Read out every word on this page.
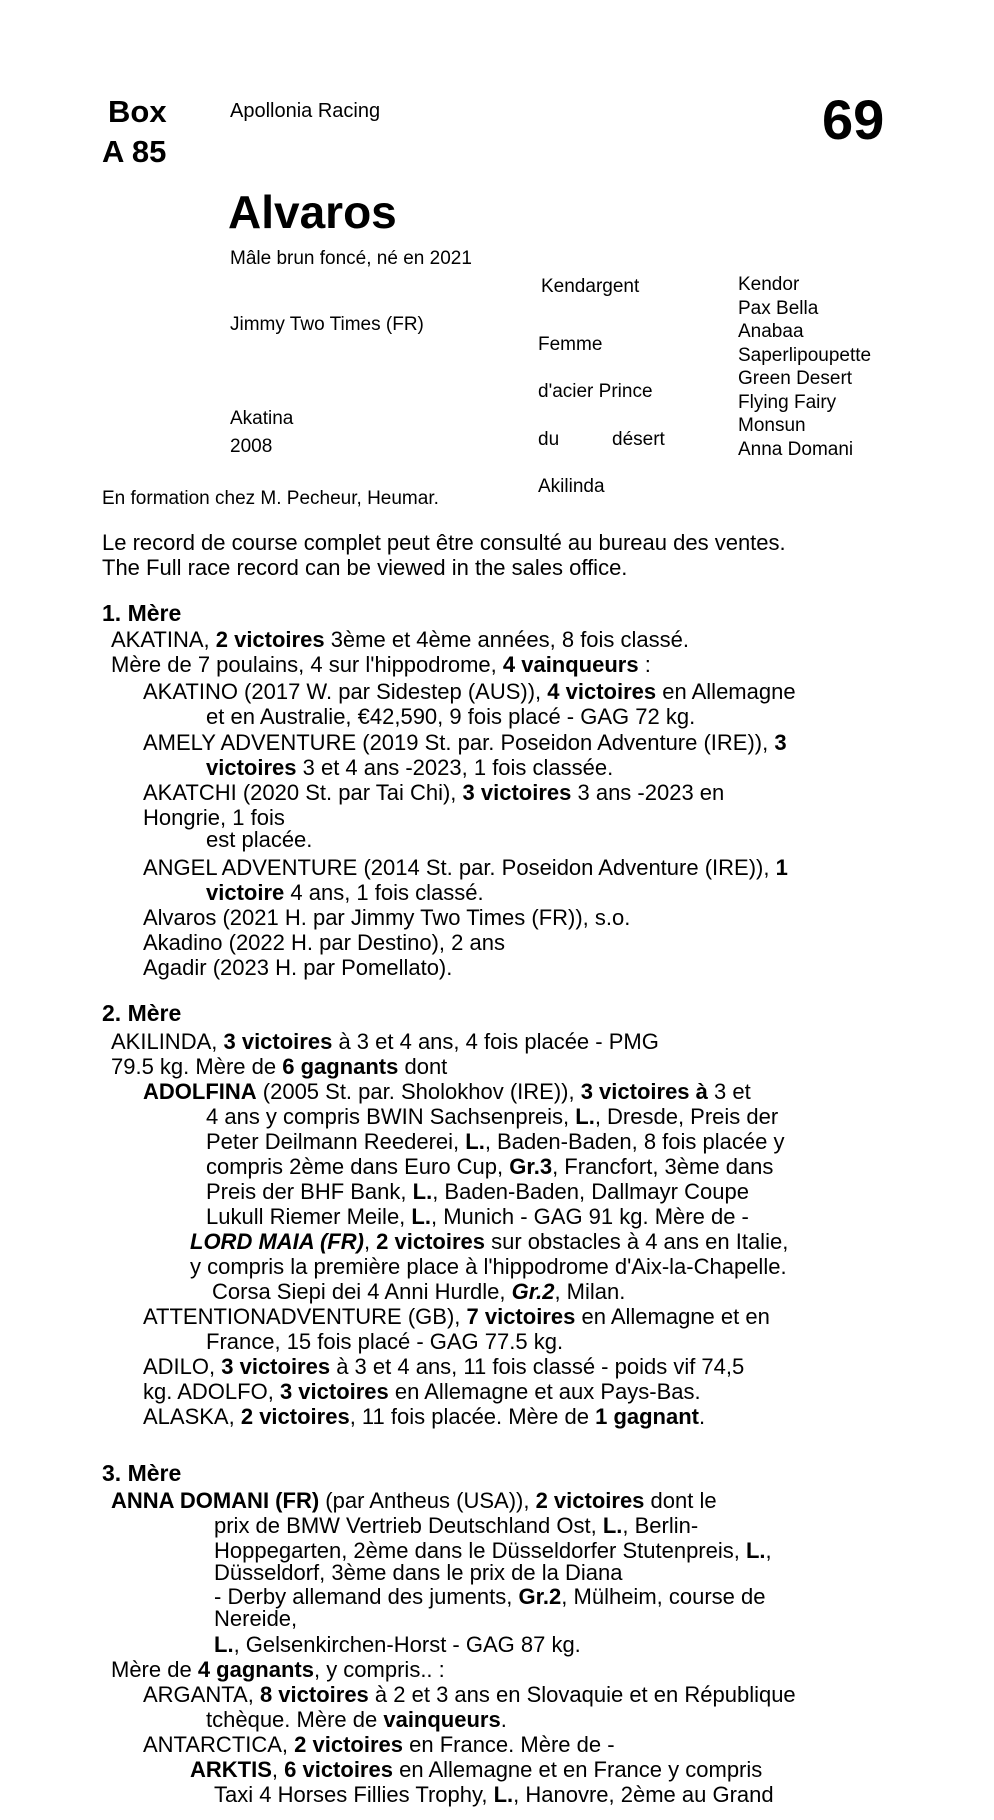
Box
A 85
Apollonia Racing	69
Alvaros
Mâle brun foncé, né en 2021
Jimmy Two Times (FR)
Akatina
2008
En formation chez M. Pecheur, Heumar.
Kendargent
Femme
d'acier Prince
du	désert
Akilinda
Kendor
Pax Bella
Anabaa
Saperlipoupette
Green Desert
Flying Fairy
Monsun
Anna Domani
Le record de course complet peut être consulté au bureau des ventes.
The Full race record can be viewed in the sales office.
1. Mère
AKATINA, 2 victoires 3ème et 4ème années, 8 fois classé.
Mère de 7 poulains, 4 sur l'hippodrome, 4 vainqueurs :
AKATINO (2017 W. par Sidestep (AUS)), 4 victoires en Allemagne
et en Australie, €42,590, 9 fois placé - GAG 72 kg.
AMELY ADVENTURE (2019 St. par. Poseidon Adventure (IRE)), 3
victoires 3 et 4 ans -2023, 1 fois classée.
AKATCHI (2020 St. par Tai Chi), 3 victoires 3 ans -2023 en
Hongrie, 1 fois
est placée.
ANGEL ADVENTURE (2014 St. par. Poseidon Adventure (IRE)), 1
victoire 4 ans, 1 fois classé.
Alvaros (2021 H. par Jimmy Two Times (FR)), s.o.
Akadino (2022 H. par Destino), 2 ans
Agadir (2023 H. par Pomellato).
2. Mère
AKILINDA, 3 victoires à 3 et 4 ans, 4 fois placée - PMG
79.5 kg. Mère de 6 gagnants dont
ADOLFINA (2005 St. par. Sholokhov (IRE)), 3 victoires à 3 et
4 ans y compris BWIN Sachsenpreis, L., Dresde, Preis der
Peter Deilmann Reederei, L., Baden-Baden, 8 fois placée y
compris 2ème dans Euro Cup, Gr.3, Francfort, 3ème dans
Preis der BHF Bank, L., Baden-Baden, Dallmayr Coupe
Lukull Riemer Meile, L., Munich - GAG 91 kg. Mère de -
LORD MAIA (FR), 2 victoires sur obstacles à 4 ans en Italie,
y compris la première place à l'hippodrome d'Aix-la-Chapelle.
Corsa Siepi dei 4 Anni Hurdle, Gr.2, Milan.
ATTENTIONADVENTURE (GB), 7 victoires en Allemagne et en
France, 15 fois placé - GAG 77.5 kg.
ADILO, 3 victoires à 3 et 4 ans, 11 fois classé - poids vif 74,5
kg. ADOLFO, 3 victoires en Allemagne et aux Pays-Bas.
ALASKA, 2 victoires, 11 fois placée. Mère de 1 gagnant.
3. Mère
ANNA DOMANI (FR) (par Antheus (USA)), 2 victoires dont le
prix de BMW Vertrieb Deutschland Ost, L., Berlin-
Hoppegarten, 2ème dans le Düsseldorfer Stutenpreis, L.,
Düsseldorf, 3ème dans le prix de la Diana
- Derby allemand des juments, Gr.2, Mülheim, course de
Nereide,
L., Gelsenkirchen-Horst - GAG 87 kg.
Mère de 4 gagnants, y compris.. :
ARGANTA, 8 victoires à 2 et 3 ans en Slovaquie et en République
tchèque. Mère de vainqueurs.
ANTARCTICA, 2 victoires en France. Mère de -
ARKTIS, 6 victoires en Allemagne et en France y compris
Taxi 4 Horses Fillies Trophy, L., Hanovre, 2ème au Grand
